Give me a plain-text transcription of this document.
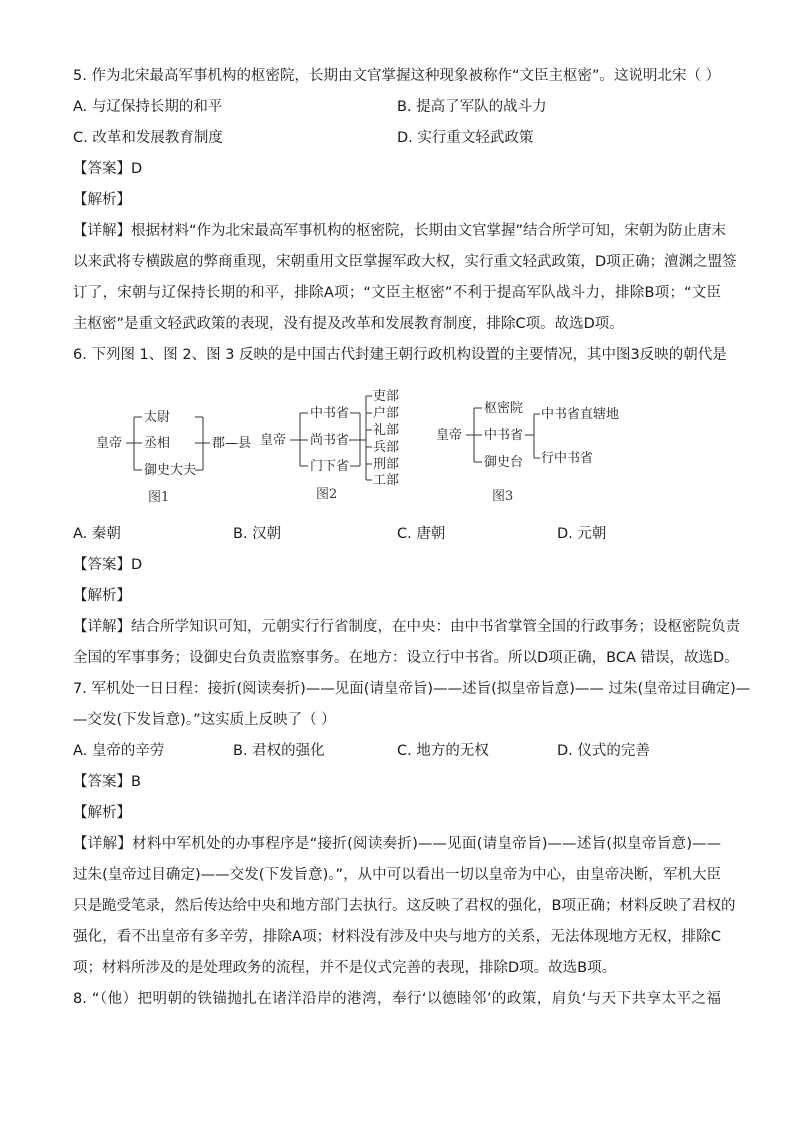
5. 作为北宋最高军事机构的枢密院，长期由文官掌握这种现象被称作“文臣主枢密”。这说明北宋（ ）
A. 与辽保持长期的和平	B. 提高了军队的战斗力
C. 改革和发展教育制度	D. 实行重文轻武政策
【答案】D
【解析】
【详解】根据材料“作为北宋最高军事机构的枢密院，长期由文官掌握”结合所学可知，宋朝为防止唐末
以来武将专横跋扈的弊商重现，宋朝重用文臣掌握军政大权，实行重文轻武政策，D项正确；澶渊之盟签
订了，宋朝与辽保持长期的和平，排除A项；“文臣主枢密”不利于提高军队战斗力，排除B项；“文臣
主枢密”是重文轻武政策的表现，没有提及改革和发展教育制度，排除C项。故选D项。
6. 下列图 1、图 2、图 3 反映的是中国古代封建王朝行政机构设置的主要情况，其中图3反映的朝代是
皇帝
太尉
丞相
御史大夫
郡—县
图1
皇帝
中书省
尚书省
门下省
吏部
户部
礼部
兵部
刑部
工部
图2
皇帝
枢密院
中书省
御史台
中书省直辖地
行中书省
图3
A. 秦朝	B. 汉朝	C. 唐朝	D. 元朝
【答案】D
【解析】
【详解】结合所学知识可知，元朝实行行省制度，在中央：由中书省掌管全国的行政事务；设枢密院负责
全国的军事事务；设御史台负责监察事务。在地方：设立行中书省。所以D项正确，BCA 错误，故选D。
7. 军机处一日日程：接折(阅读奏折)——见面(请皇帝旨)——述旨(拟皇帝旨意)—— 过朱(皇帝过目确定)—
—交发(下发旨意)。”这实质上反映了（ ）
A. 皇帝的辛劳	B. 君权的强化	C. 地方的无权	D. 仪式的完善
【答案】B
【解析】
【详解】材料中军机处的办事程序是“接折(阅读奏折)——见面(请皇帝旨)——述旨(拟皇帝旨意)——
过朱(皇帝过目确定)——交发(下发旨意)。”，从中可以看出一切以皇帝为中心，由皇帝决断，军机大臣
只是跪受笔录，然后传达给中央和地方部门去执行。这反映了君权的强化，B项正确；材料反映了君权的
强化，看不出皇帝有多辛劳，排除A项；材料没有涉及中央与地方的关系，无法体现地方无权，排除C
项；材料所涉及的是处理政务的流程，并不是仪式完善的表现，排除D项。故选B项。
8. “（他）把明朝的铁锚抛扎在诸洋沿岸的港湾，奉行‘以德睦邻’的政策，肩负‘与天下共享太平之福
